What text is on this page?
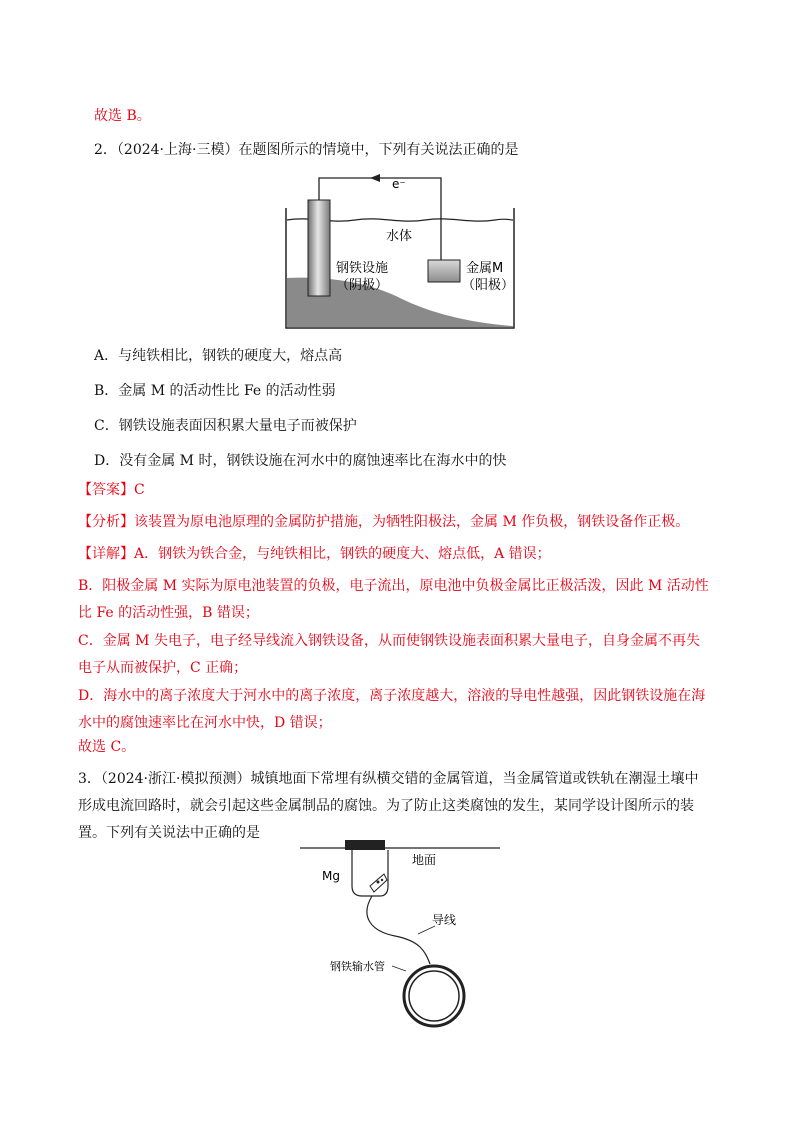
故选 B。
2．（2024·上海·三模）在题图所示的情境中，下列有关说法正确的是
e⁻
水体
钢铁设施
（阴极）
金属M
（阳极）
A．与纯铁相比，钢铁的硬度大，熔点高
B．金属 M 的活动性比 Fe 的活动性弱
C．钢铁设施表面因积累大量电子而被保护
D．没有金属 M 时，钢铁设施在河水中的腐蚀速率比在海水中的快
【答案】C
【分析】该装置为原电池原理的金属防护措施，为牺牲阳极法，金属 M 作负极，钢铁设备作正极。
【详解】A．钢铁为铁合金，与纯铁相比，钢铁的硬度大、熔点低，A 错误；
B．阳极金属 M 实际为原电池装置的负极，电子流出，原电池中负极金属比正极活泼，因此 M 活动性比 Fe 的活动性强，B 错误；
C．金属 M 失电子，电子经导线流入钢铁设备，从而使钢铁设施表面积累大量电子，自身金属不再失电子从而被保护，C 正确；
D．海水中的离子浓度大于河水中的离子浓度，离子浓度越大，溶液的导电性越强，因此钢铁设施在海水中的腐蚀速率比在河水中快，D 错误；
故选 C。
3．（2024·浙江·模拟预测）城镇地面下常埋有纵横交错的金属管道，当金属管道或铁轨在潮湿土壤中形成电流回路时，就会引起这些金属制品的腐蚀。为了防止这类腐蚀的发生，某同学设计图所示的装置。下列有关说法中正确的是
Mg
地面
导线
钢铁输水管
